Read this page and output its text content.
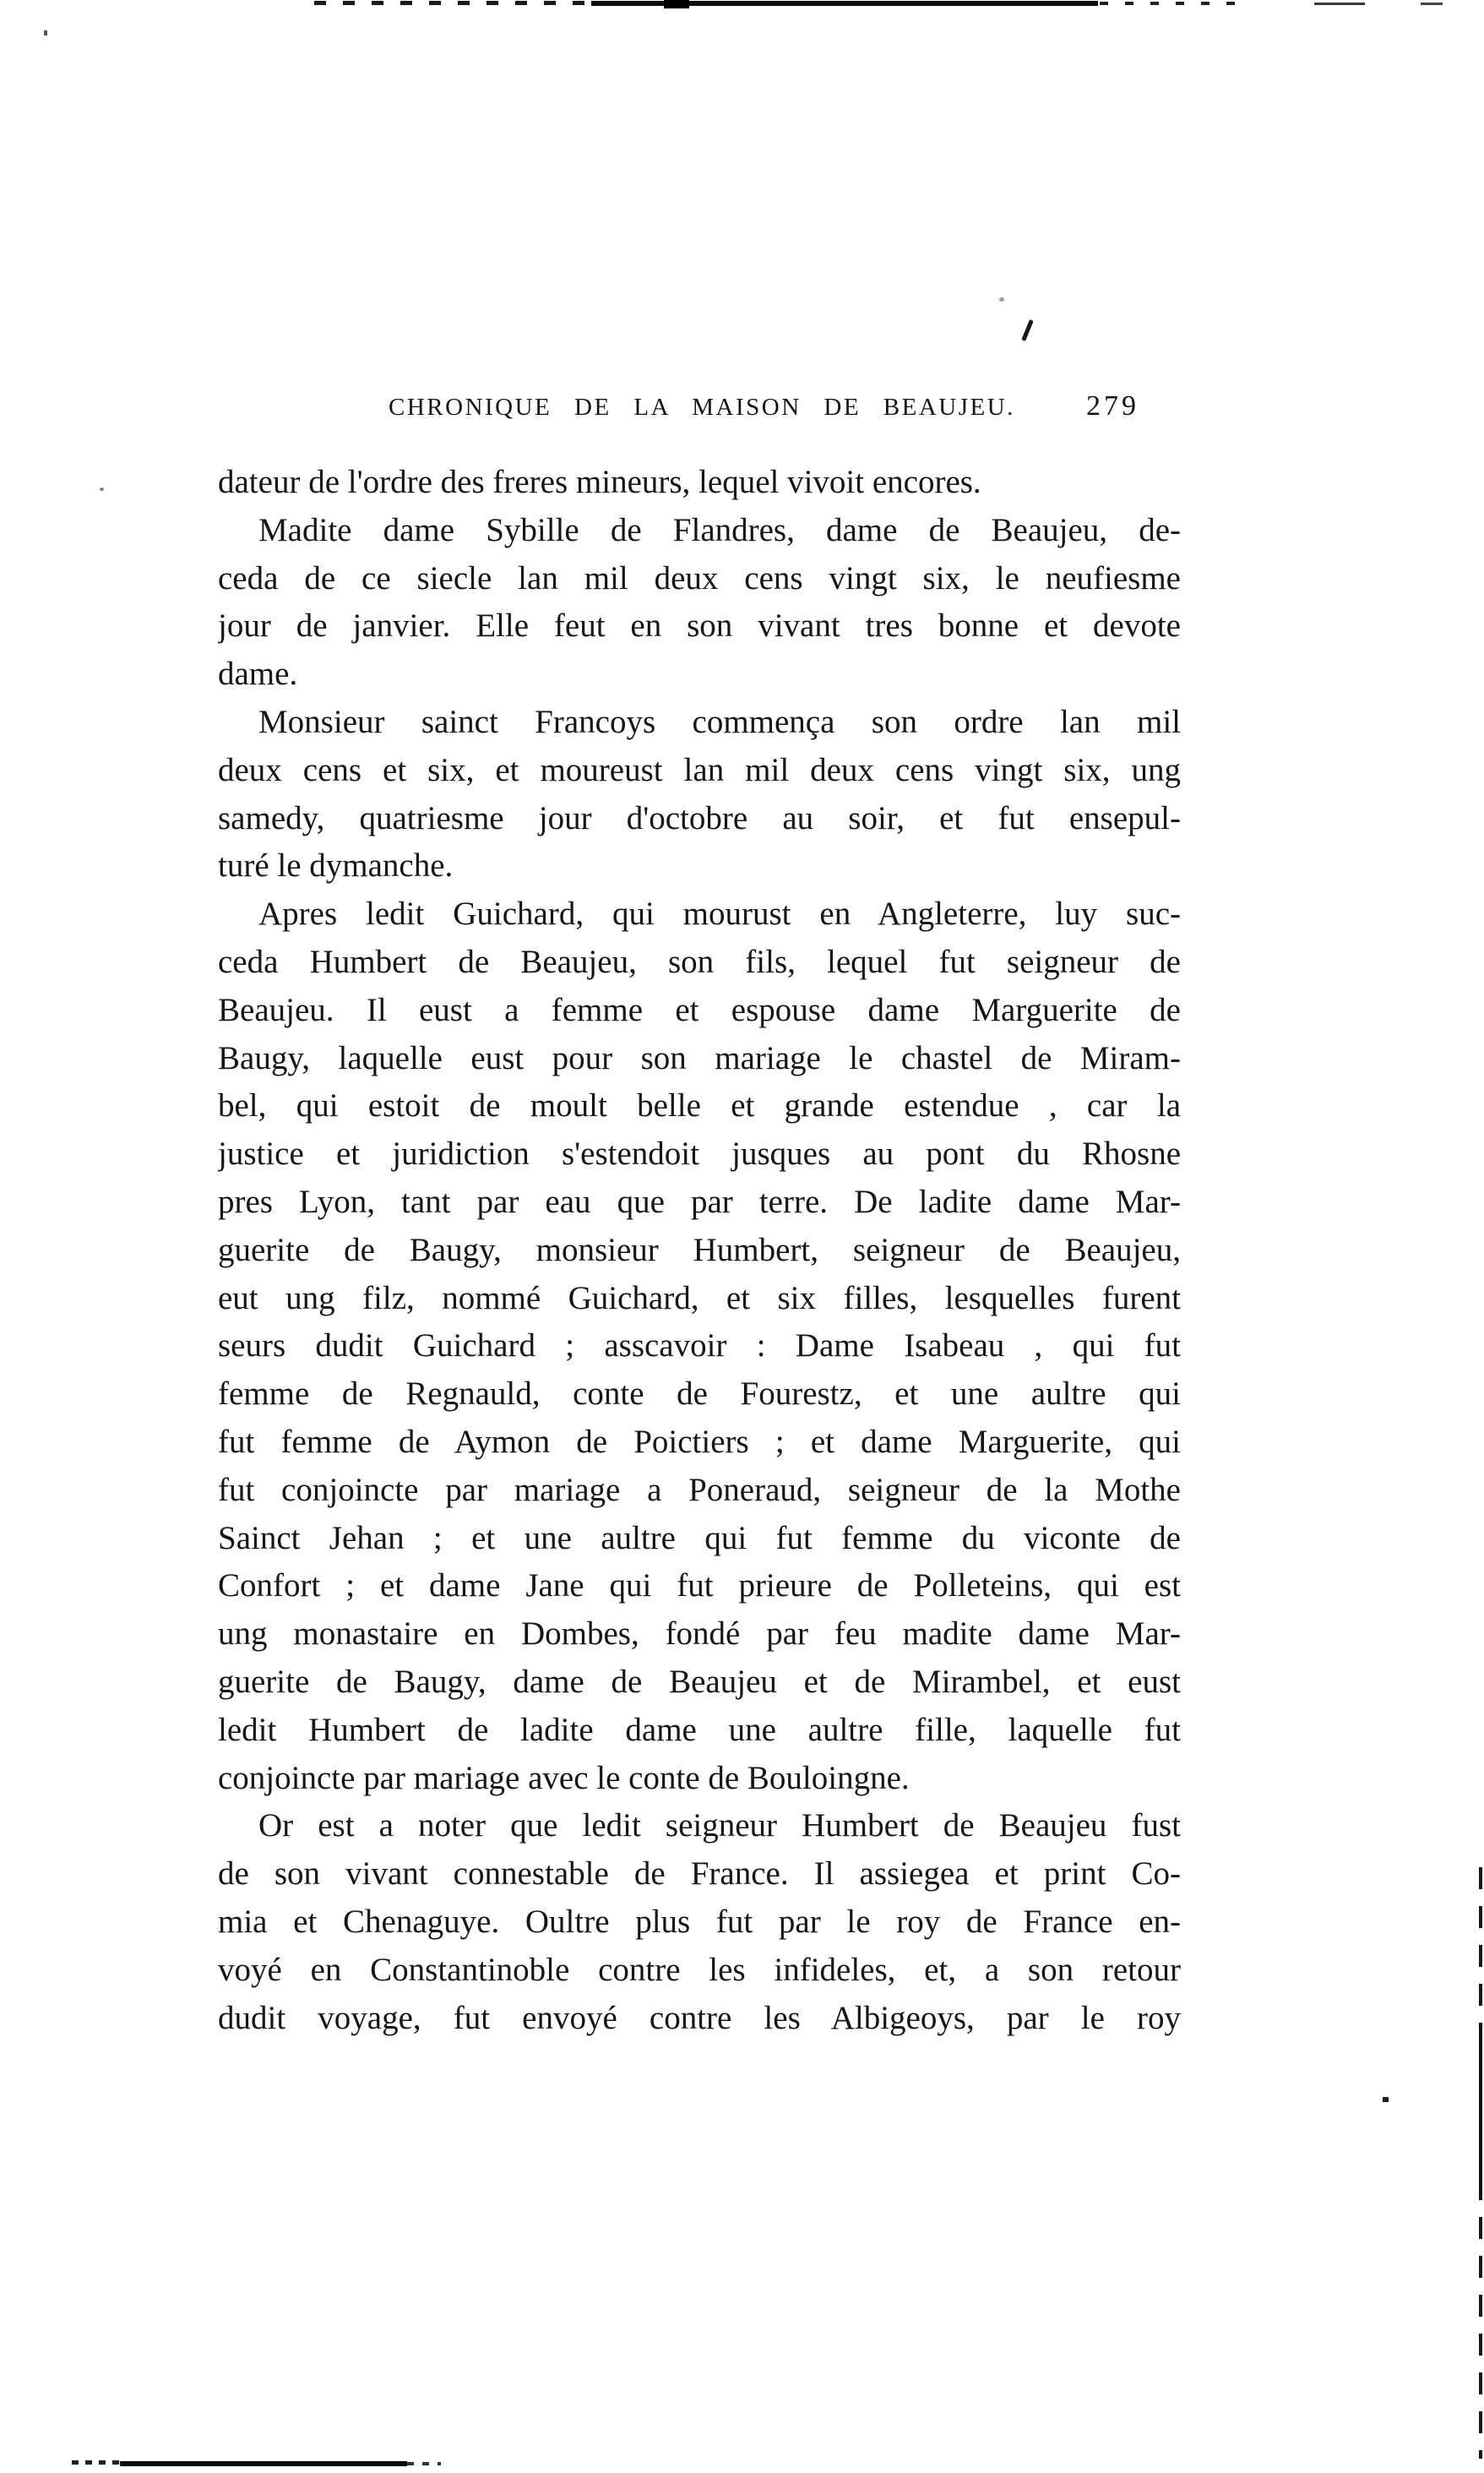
CHRONIQUE DE LA MAISON DE BEAUJEU. 279
dateur de l'ordre des freres mineurs, lequel vivoit encores.
Madite dame Sybille de Flandres, dame de Beaujeu, de-
ceda de ce siecle lan mil deux cens vingt six, le neufiesme
jour de janvier. Elle feut en son vivant tres bonne et devote
dame.
Monsieur sainct Francoys commença son ordre lan mil
deux cens et six, et moureust lan mil deux cens vingt six, ung
samedy, quatriesme jour d'octobre au soir, et fut ensepul-
turé le dymanche.
Apres ledit Guichard, qui mourust en Angleterre, luy suc-
ceda Humbert de Beaujeu, son fils, lequel fut seigneur de
Beaujeu. Il eust a femme et espouse dame Marguerite de
Baugy, laquelle eust pour son mariage le chastel de Miram-
bel, qui estoit de moult belle et grande estendue , car la
justice et juridiction s'estendoit jusques au pont du Rhosne
pres Lyon, tant par eau que par terre. De ladite dame Mar-
guerite de Baugy, monsieur Humbert, seigneur de Beaujeu,
eut ung filz, nommé Guichard, et six filles, lesquelles furent
seurs dudit Guichard ; asscavoir : Dame Isabeau , qui fut
femme de Regnauld, conte de Fourestz, et une aultre qui
fut femme de Aymon de Poictiers ; et dame Marguerite, qui
fut conjoincte par mariage a Poneraud, seigneur de la Mothe
Sainct Jehan ; et une aultre qui fut femme du viconte de
Confort ; et dame Jane qui fut prieure de Polleteins, qui est
ung monastaire en Dombes, fondé par feu madite dame Mar-
guerite de Baugy, dame de Beaujeu et de Mirambel, et eust
ledit Humbert de ladite dame une aultre fille, laquelle fut
conjoincte par mariage avec le conte de Bouloingne.
Or est a noter que ledit seigneur Humbert de Beaujeu fust
de son vivant connestable de France. Il assiegea et print Co-
mia et Chenaguye. Oultre plus fut par le roy de France en-
voyé en Constantinoble contre les infideles, et, a son retour
dudit voyage, fut envoyé contre les Albigeoys, par le roy
